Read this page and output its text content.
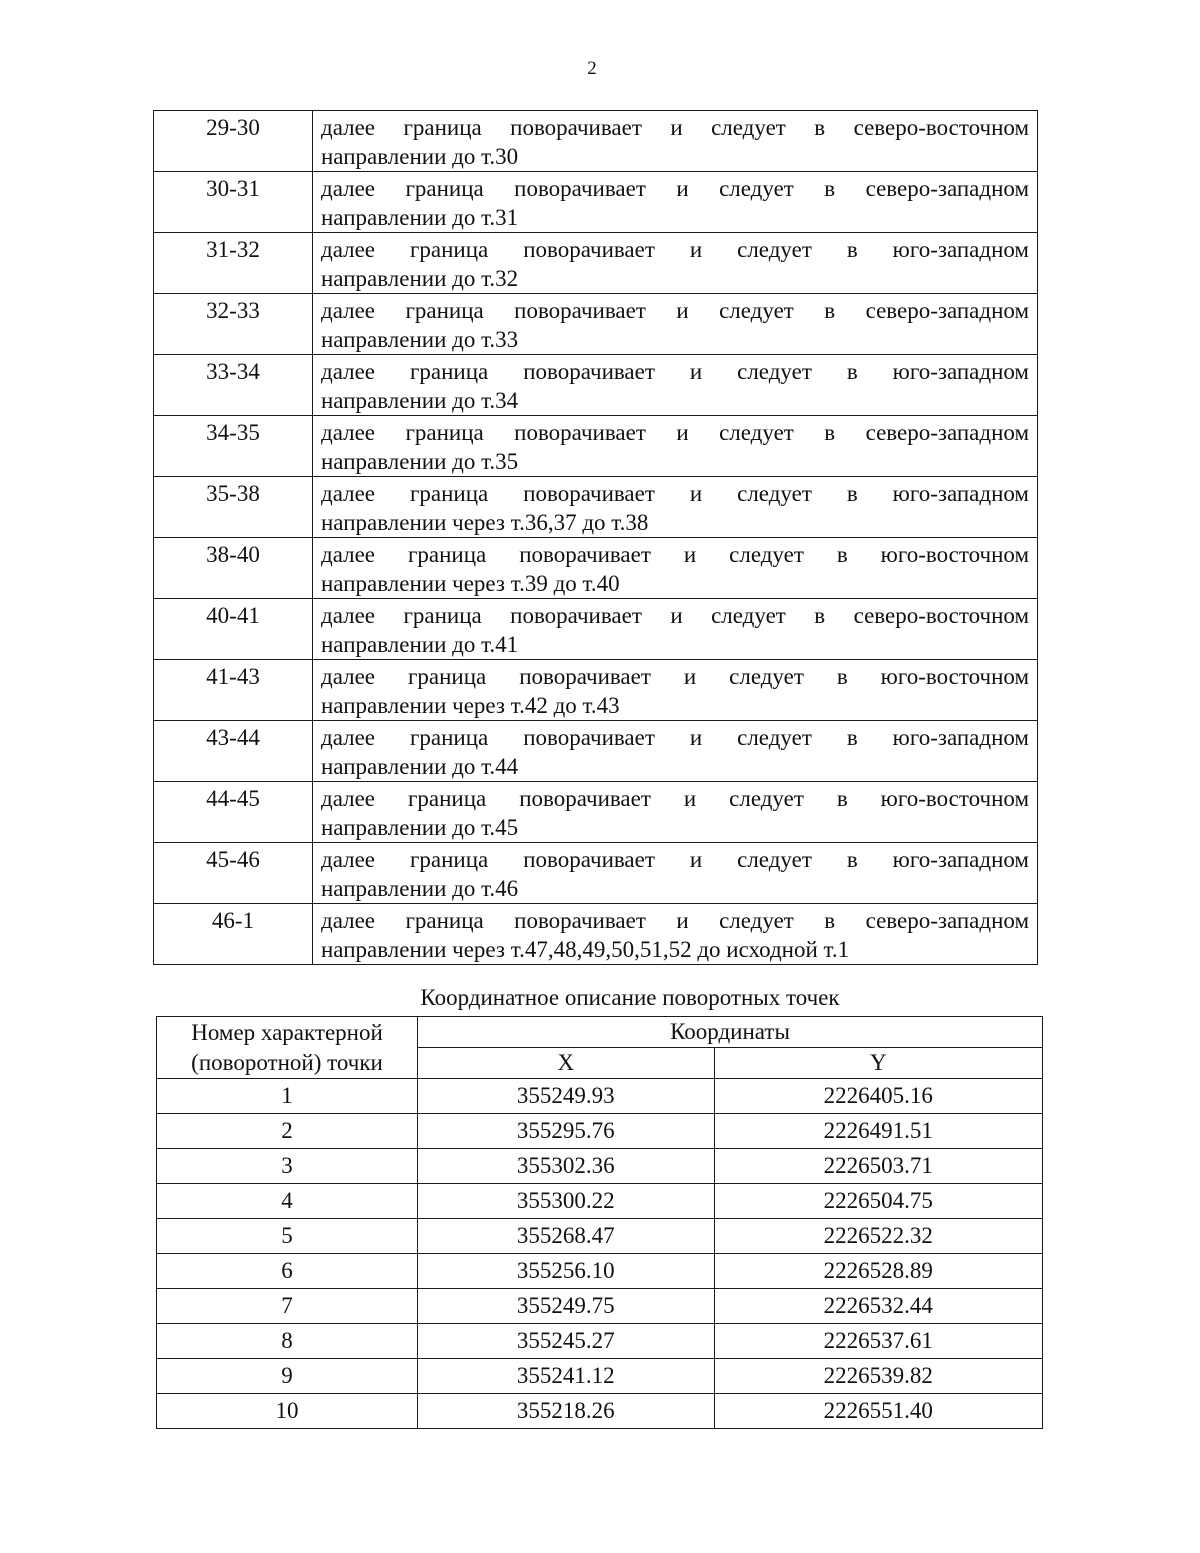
2
29-30	далее граница поворачивает и следует в северо-восточном
направлении до т.30

30-31	далее граница поворачивает и следует в северо-западном
направлении до т.31

31-32	далее граница поворачивает и следует в юго-западном
направлении до т.32

32-33	далее граница поворачивает и следует в северо-западном
направлении до т.33

33-34	далее граница поворачивает и следует в юго-западном
направлении до т.34

34-35	далее граница поворачивает и следует в северо-западном
направлении до т.35

35-38	далее граница поворачивает и следует в юго-западном
направлении через т.36,37 до т.38

38-40	далее граница поворачивает и следует в юго-восточном
направлении через т.39 до т.40

40-41	далее граница поворачивает и следует в северо-восточном
направлении до т.41

41-43	далее граница поворачивает и следует в юго-восточном
направлении через т.42 до т.43

43-44	далее граница поворачивает и следует в юго-западном
направлении до т.44

44-45	далее граница поворачивает и следует в юго-восточном
направлении до т.45

45-46	далее граница поворачивает и следует в юго-западном
направлении до т.46

46-1	далее граница поворачивает и следует в северо-западном
направлении через т.47,48,49,50,51,52 до исходной т.1
Координатное описание поворотных точек
Номер характерной
(поворотной) точки	Координаты	
	X	Y
1	355249.93	2226405.16
2	355295.76	2226491.51
3	355302.36	2226503.71
4	355300.22	2226504.75
5	355268.47	2226522.32
6	355256.10	2226528.89
7	355249.75	2226532.44
8	355245.27	2226537.61
9	355241.12	2226539.82
10	355218.26	2226551.40
